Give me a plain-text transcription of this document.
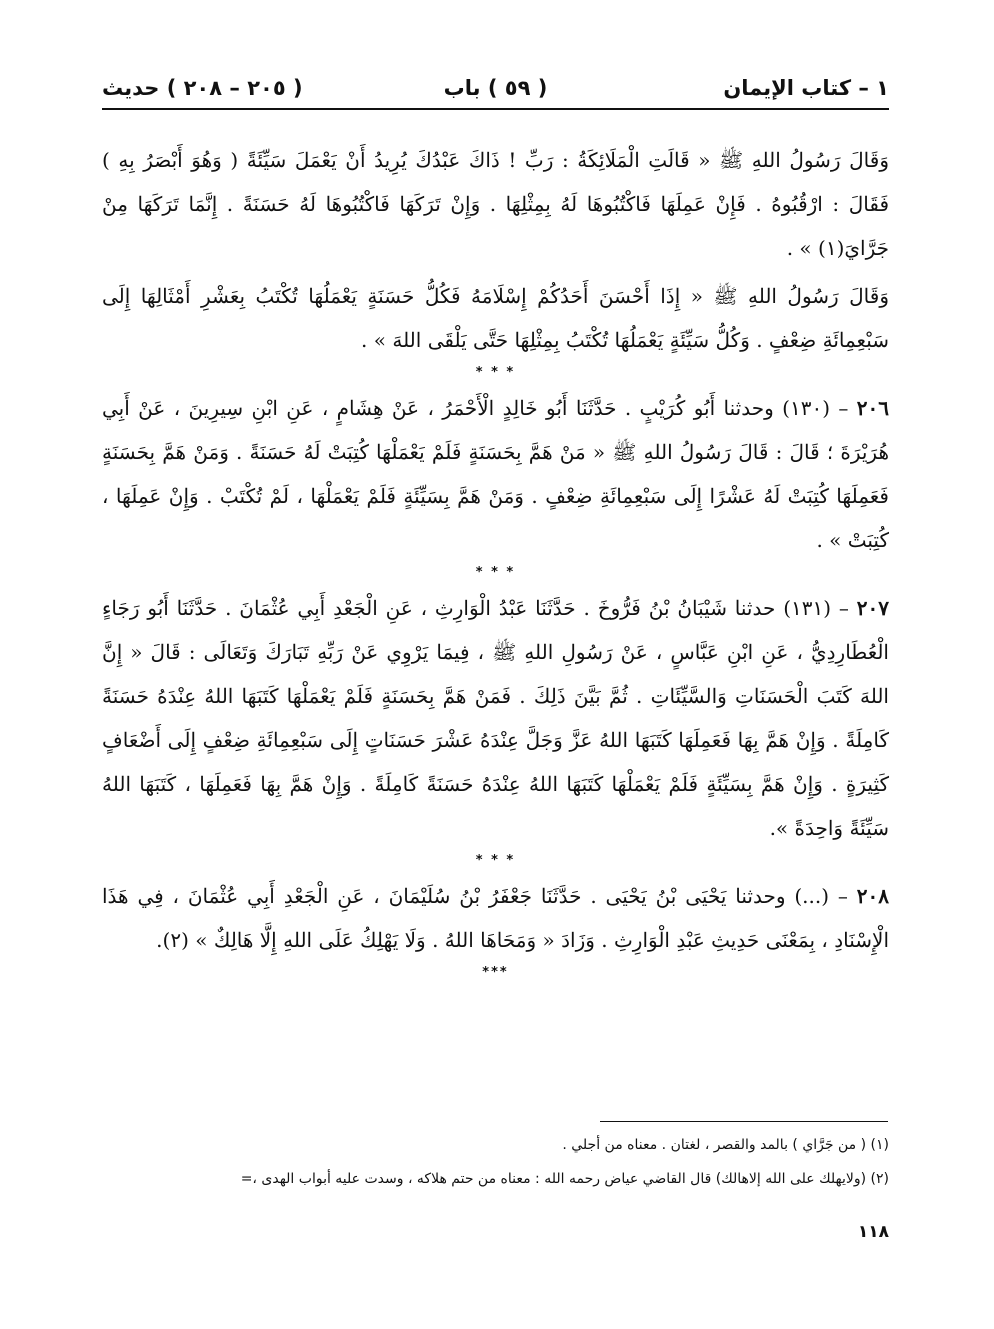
١ – كتاب الإيمان
( ٥٩ ) باب
( ٢٠٥ – ٢٠٨ ) حديث

وَقَالَ رَسُولُ اللهِ ﷺ « قَالَتِ الْمَلَائِكَةُ : رَبِّ ! ذَاكَ عَبْدُكَ يُرِيدُ أَنْ يَعْمَلَ سَيِّئَةً ( وَهُوَ أَبْصَرُ بِهِ ) فَقَالَ : ارْقُبُوهُ . فَإِنْ عَمِلَهَا فَاكْتُبُوهَا لَهُ بِمِثْلِهَا . وَإِنْ تَرَكَهَا فَاكْتُبُوهَا لَهُ حَسَنَةً . إِنَّمَا تَرَكَهَا مِنْ جَرَّايَ(١) » .

وَقَالَ رَسُولُ اللهِ ﷺ « إِذَا أَحْسَنَ أَحَدُكُمْ إِسْلَامَهُ فَكُلُّ حَسَنَةٍ يَعْمَلُهَا تُكْتَبُ بِعَشْرِ أَمْثَالِهَا إِلَى سَبْعِمِائَةِ ضِعْفٍ . وَكُلُّ سَيِّئَةٍ يَعْمَلُهَا تُكْتَبُ بِمِثْلِهَا حَتَّى يَلْقَى اللهَ » .

* * *

٢٠٦ – (١٣٠) وحدثنا أَبُو كُرَيْبٍ . حَدَّثَنَا أَبُو خَالِدٍ الْأَحْمَرُ ، عَنْ هِشَامٍ ، عَنِ ابْنِ سِيرِينَ ، عَنْ أَبِي هُرَيْرَةَ ؛ قَالَ : قَالَ رَسُولُ اللهِ ﷺ « مَنْ هَمَّ بِحَسَنَةٍ فَلَمْ يَعْمَلْهَا كُتِبَتْ لَهُ حَسَنَةً . وَمَنْ هَمَّ بِحَسَنَةٍ فَعَمِلَهَا كُتِبَتْ لَهُ عَشْرًا إِلَى سَبْعِمِائَةِ ضِعْفٍ . وَمَنْ هَمَّ بِسَيِّئَةٍ فَلَمْ يَعْمَلْهَا ، لَمْ تُكْتَبْ . وَإِنْ عَمِلَهَا ، كُتِبَتْ » .

* * *

٢٠٧ – (١٣١) حدثنا شَيْبَانُ بْنُ فَرُّوخَ . حَدَّثَنَا عَبْدُ الْوَارِثِ ، عَنِ الْجَعْدِ أَبِي عُثْمَانَ . حَدَّثَنَا أَبُو رَجَاءٍ الْعُطَارِدِيُّ ، عَنِ ابْنِ عَبَّاسٍ ، عَنْ رَسُولِ اللهِ ﷺ ، فِيمَا يَرْوِي عَنْ رَبِّهِ تَبَارَكَ وَتَعَالَى : قَالَ « إِنَّ اللهَ كَتَبَ الْحَسَنَاتِ وَالسَّيِّئَاتِ . ثُمَّ بَيَّنَ ذَلِكَ . فَمَنْ هَمَّ بِحَسَنَةٍ فَلَمْ يَعْمَلْهَا كَتَبَهَا اللهُ عِنْدَهُ حَسَنَةً كَامِلَةً . وَإِنْ هَمَّ بِهَا فَعَمِلَهَا كَتَبَهَا اللهُ عَزَّ وَجَلَّ عِنْدَهُ عَشْرَ حَسَنَاتٍ إِلَى سَبْعِمِائَةِ ضِعْفٍ إِلَى أَضْعَافٍ كَثِيرَةٍ . وَإِنْ هَمَّ بِسَيِّئَةٍ فَلَمْ يَعْمَلْهَا كَتَبَهَا اللهُ عِنْدَهُ حَسَنَةً كَامِلَةً . وَإِنْ هَمَّ بِهَا فَعَمِلَهَا ، كَتَبَهَا اللهُ سَيِّئَةً وَاحِدَةً ».

* * *

٢٠٨ – (...) وحدثنا يَحْيَى بْنُ يَحْيَى . حَدَّثَنَا جَعْفَرُ بْنُ سُلَيْمَانَ ، عَنِ الْجَعْدِ أَبِي عُثْمَانَ ، فِي هَذَا الْإِسْنَادِ ، بِمَعْنَى حَدِيثِ عَبْدِ الْوَارِثِ . وَزَادَ « وَمَحَاهَا اللهُ . وَلَا يَهْلِكُ عَلَى اللهِ إِلَّا هَالِكٌ » (٢).

***
(١) ( من جَرَّاي ) بالمد والقصر ، لغتان . معناه من أجلي .
(٢) (ولايهلك على الله إلاهالك) قال القاضي عياض رحمه الله : معناه من حتم هلاكه ، وسدت عليه أبواب الهدى ،=
١١٨
